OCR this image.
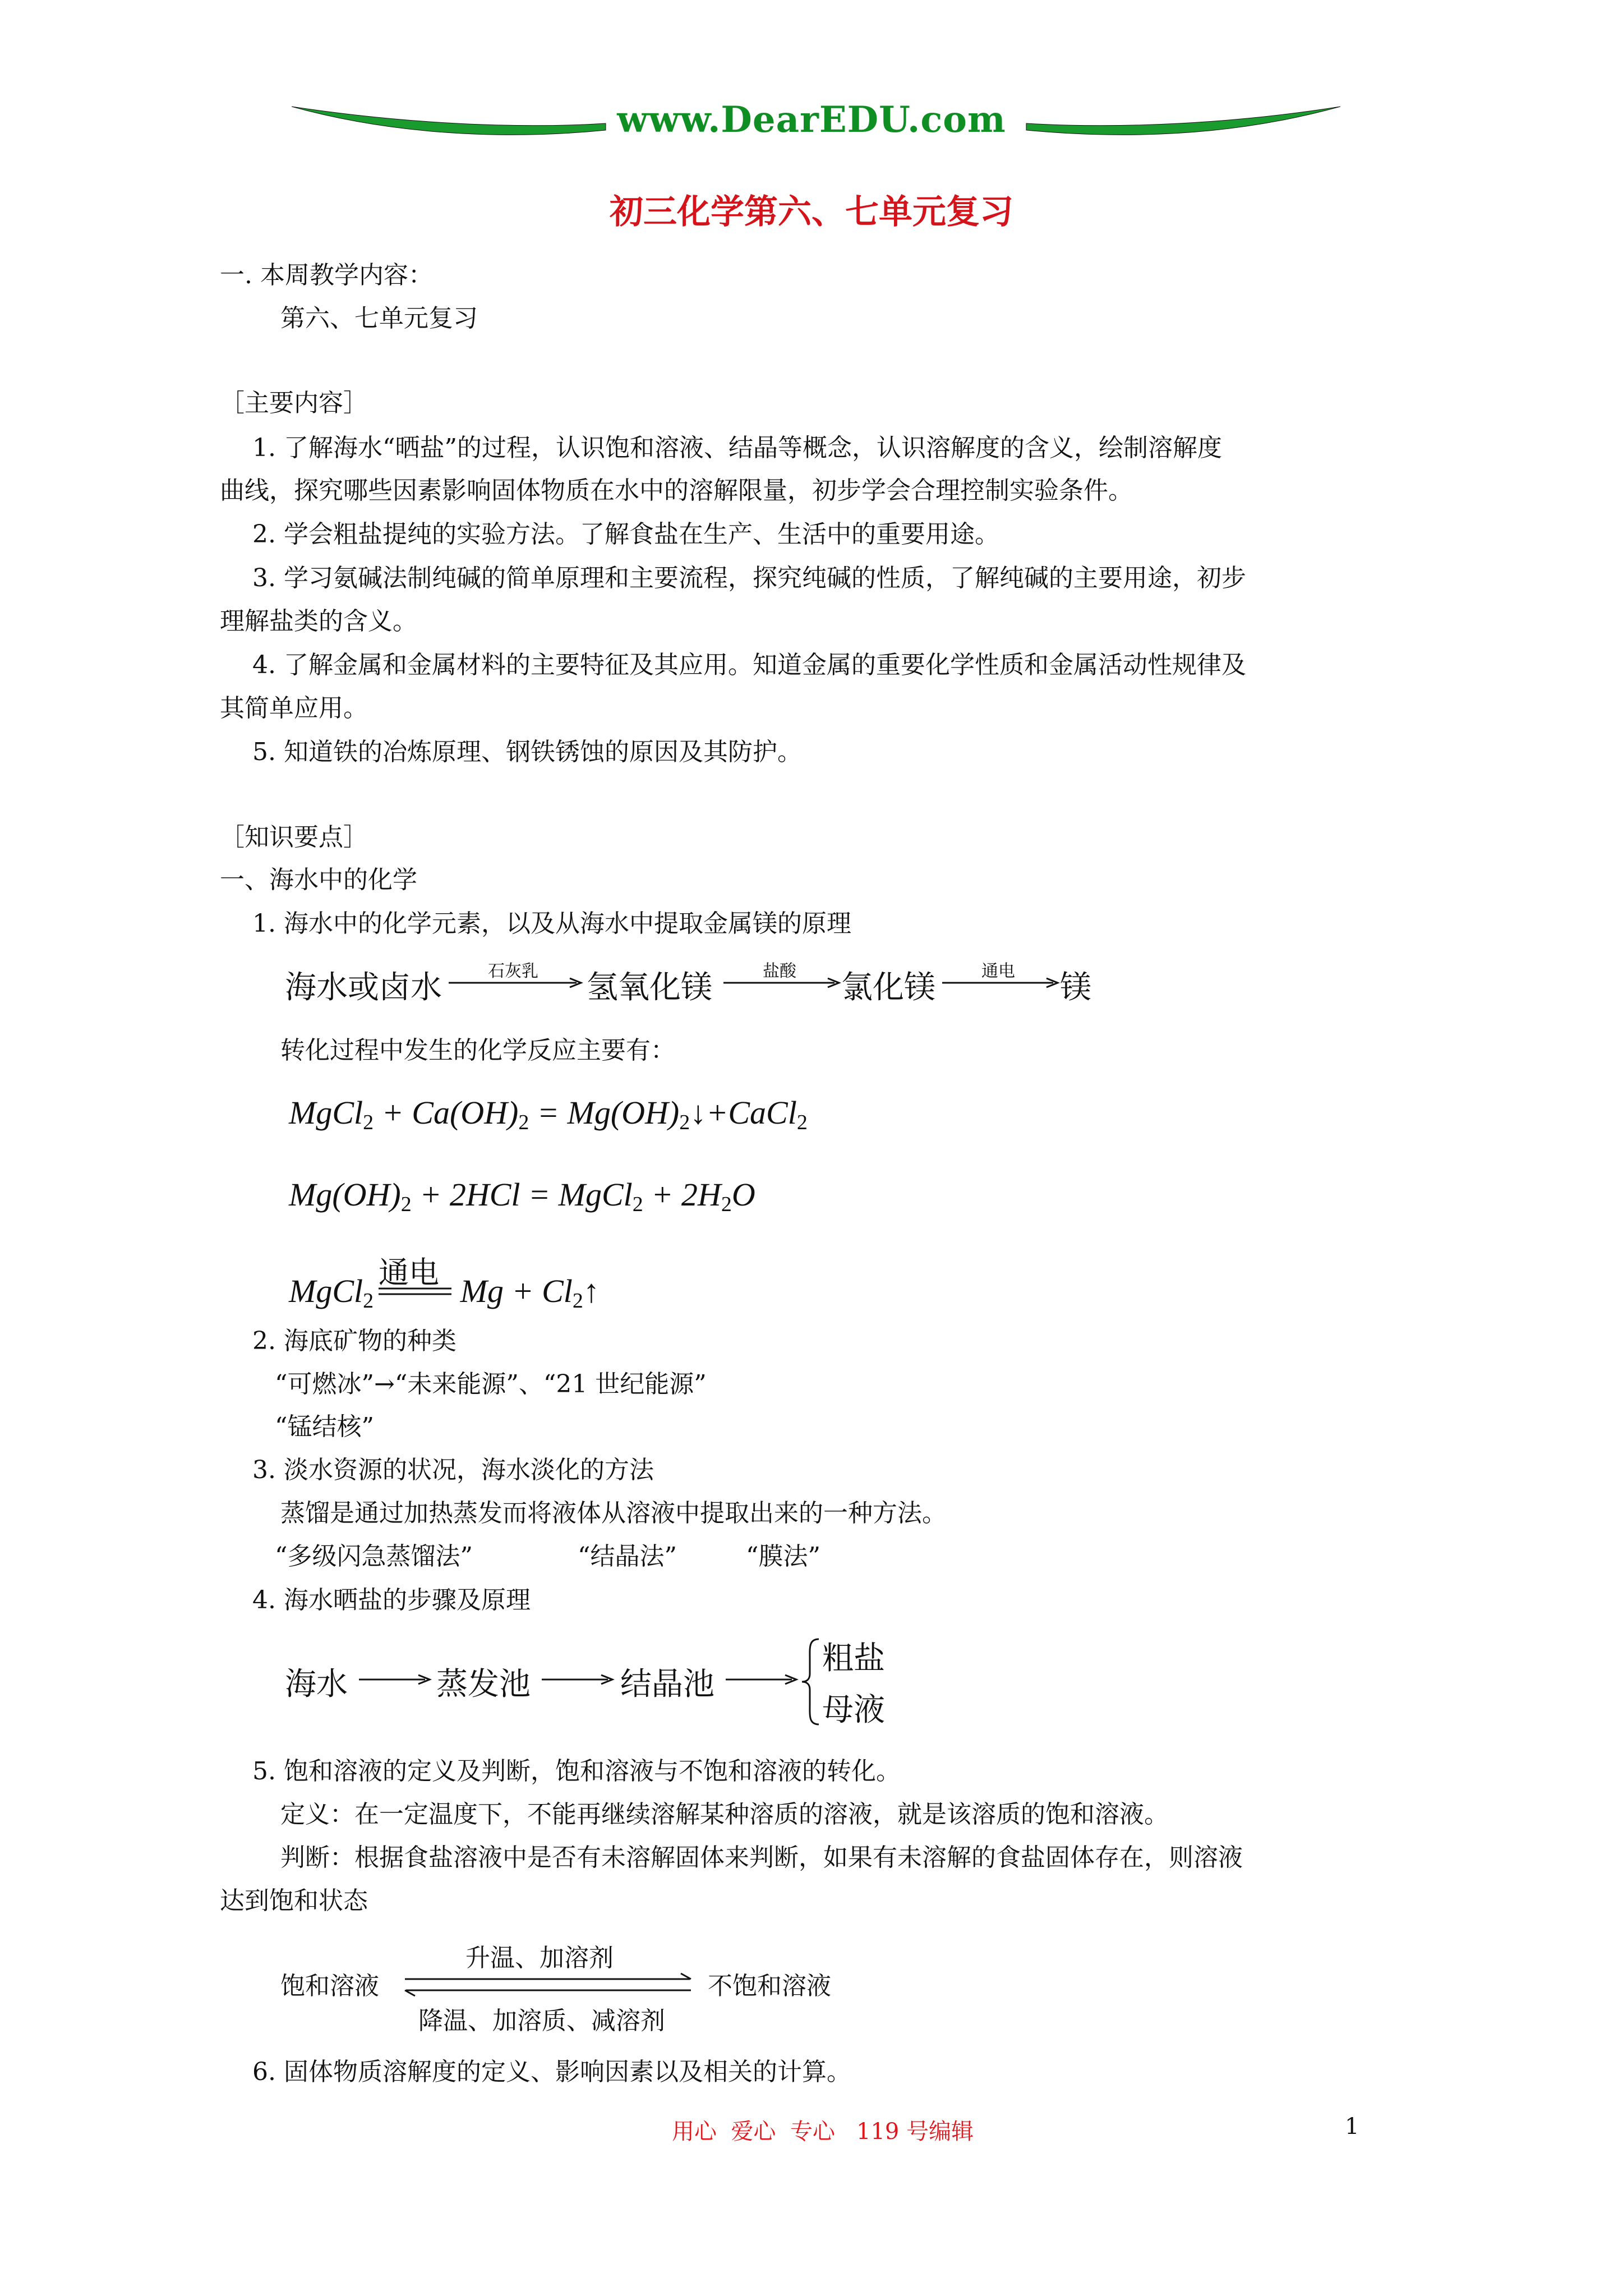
www.DearEDU.com
初三化学第六、七单元复习
一. 本周教学内容：
第六、七单元复习
［主要内容］
1. 了解海水“晒盐”的过程，认识饱和溶液、结晶等概念，认识溶解度的含义，绘制溶解度
曲线，探究哪些因素影响固体物质在水中的溶解限量，初步学会合理控制实验条件。
2. 学会粗盐提纯的实验方法。了解食盐在生产、生活中的重要用途。
3. 学习氨碱法制纯碱的简单原理和主要流程，探究纯碱的性质，了解纯碱的主要用途，初步
理解盐类的含义。
4. 了解金属和金属材料的主要特征及其应用。知道金属的重要化学性质和金属活动性规律及
其简单应用。
5. 知道铁的冶炼原理、钢铁锈蚀的原因及其防护。
［知识要点］
一、海水中的化学
1. 海水中的化学元素，以及从海水中提取金属镁的原理
海水或卤水	石灰乳	氢氧化镁	盐酸	氯化镁	通电	镁
转化过程中发生的化学反应主要有：
MgCl$_2$ + $Ca(OH)_2$ = $Mg(OH)_2↓+CaCl_2$
$Mg(OH)_2 + 2HCl$ = MgCl$_2$ + $2H_2O$
通电
MgCl$_2$ $Mg + Cl_2↑$
2. 海底矿物的种类
“可燃冰”→“未来能源”、“21 世纪能源”
“锰结核”
3. 淡水资源的状况，海水淡化的方法
蒸馏是通过加热蒸发而将液体从溶液中提取出来的一种方法。
“多级闪急蒸馏法”	“结晶法”	“膜法”
4. 海水晒盐的步骤及原理
海水	蒸发池	结晶池
粗盐
母液
5. 饱和溶液的定义及判断，饱和溶液与不饱和溶液的转化。
定义：在一定温度下，不能再继续溶解某种溶质的溶液，就是该溶质的饱和溶液。
判断：根据食盐溶液中是否有未溶解固体来判断，如果有未溶解的食盐固体存在，则溶液
达到饱和状态
饱和溶液
升温、加溶剂
降温、加溶质、减溶剂
不饱和溶液
6. 固体物质溶解度的定义、影响因素以及相关的计算。
用心  爱心  专心   119 号编辑	1
